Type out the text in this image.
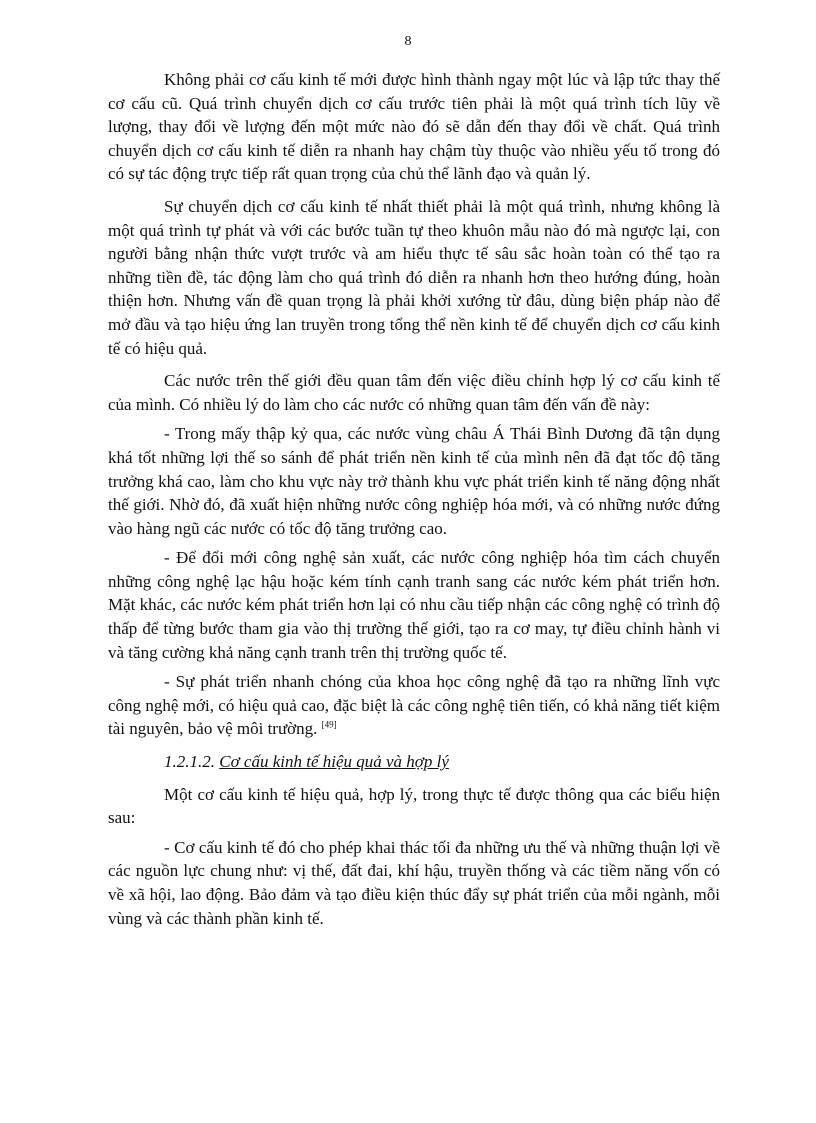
8

Không phải cơ cấu kinh tế mới được hình thành ngay một lúc và lập tức thay thế cơ cấu cũ. Quá trình chuyển dịch cơ cấu trước tiên phải là một quá trình tích lũy về lượng, thay đổi về lượng đến một mức nào đó sẽ dẫn đến thay đổi về chất. Quá trình chuyển dịch cơ cấu kinh tế diễn ra nhanh hay chậm tùy thuộc vào nhiều yếu tố trong đó có sự tác động trực tiếp rất quan trọng của chủ thể lãnh đạo và quản lý.

Sự chuyển dịch cơ cấu kinh tế nhất thiết phải là một quá trình, nhưng không là một quá trình tự phát và với các bước tuần tự theo khuôn mẫu nào đó mà ngược lại, con người bằng nhận thức vượt trước và am hiểu thực tế sâu sắc hoàn toàn có thể tạo ra những tiền đề, tác động làm cho quá trình đó diễn ra nhanh hơn theo hướng đúng, hoàn thiện hơn. Nhưng vấn đề quan trọng là phải khởi xướng từ đâu, dùng biện pháp nào để mở đầu và tạo hiệu ứng lan truyền trong tổng thể nền kinh tế để chuyển dịch cơ cấu kinh tế có hiệu quả.

Các nước trên thế giới đều quan tâm đến việc điều chỉnh hợp lý cơ cấu kinh tế của mình. Có nhiều lý do làm cho các nước có những quan tâm đến vấn đề này:

- Trong mấy thập kỷ qua, các nước vùng châu Á Thái Bình Dương đã tận dụng khá tốt những lợi thế so sánh để phát triển nền kinh tế của mình nên đã đạt tốc độ tăng trưởng khá cao, làm cho khu vực này trở thành khu vực phát triển kinh tế năng động nhất thế giới. Nhờ đó, đã xuất hiện những nước công nghiệp hóa mới, và có những nước đứng vào hàng ngũ các nước có tốc độ tăng trưởng cao.

- Để đổi mới công nghệ sản xuất, các nước công nghiệp hóa tìm cách chuyển những công nghệ lạc hậu hoặc kém tính cạnh tranh sang các nước kém phát triển hơn. Mặt khác, các nước kém phát triển hơn lại có nhu cầu tiếp nhận các công nghệ có trình độ thấp để từng bước tham gia vào thị trường thế giới, tạo ra cơ may, tự điều chỉnh hành vi và tăng cường khả năng cạnh tranh trên thị trường quốc tế.

- Sự phát triển nhanh chóng của khoa học công nghệ đã tạo ra những lĩnh vực công nghệ mới, có hiệu quả cao, đặc biệt là các công nghệ tiên tiến, có khả năng tiết kiệm tài nguyên, bảo vệ môi trường. [49]

1.2.1.2. Cơ cấu kinh tế hiệu quả và hợp lý

Một cơ cấu kinh tế hiệu quả, hợp lý, trong thực tế được thông qua các biểu hiện sau:

- Cơ cấu kinh tế đó cho phép khai thác tối đa những ưu thế và những thuận lợi về các nguồn lực chung như: vị thế, đất đai, khí hậu, truyền thống và các tiềm năng vốn có về xã hội, lao động. Bảo đảm và tạo điều kiện thúc đẩy sự phát triển của mỗi ngành, mỗi vùng và các thành phần kinh tế.
